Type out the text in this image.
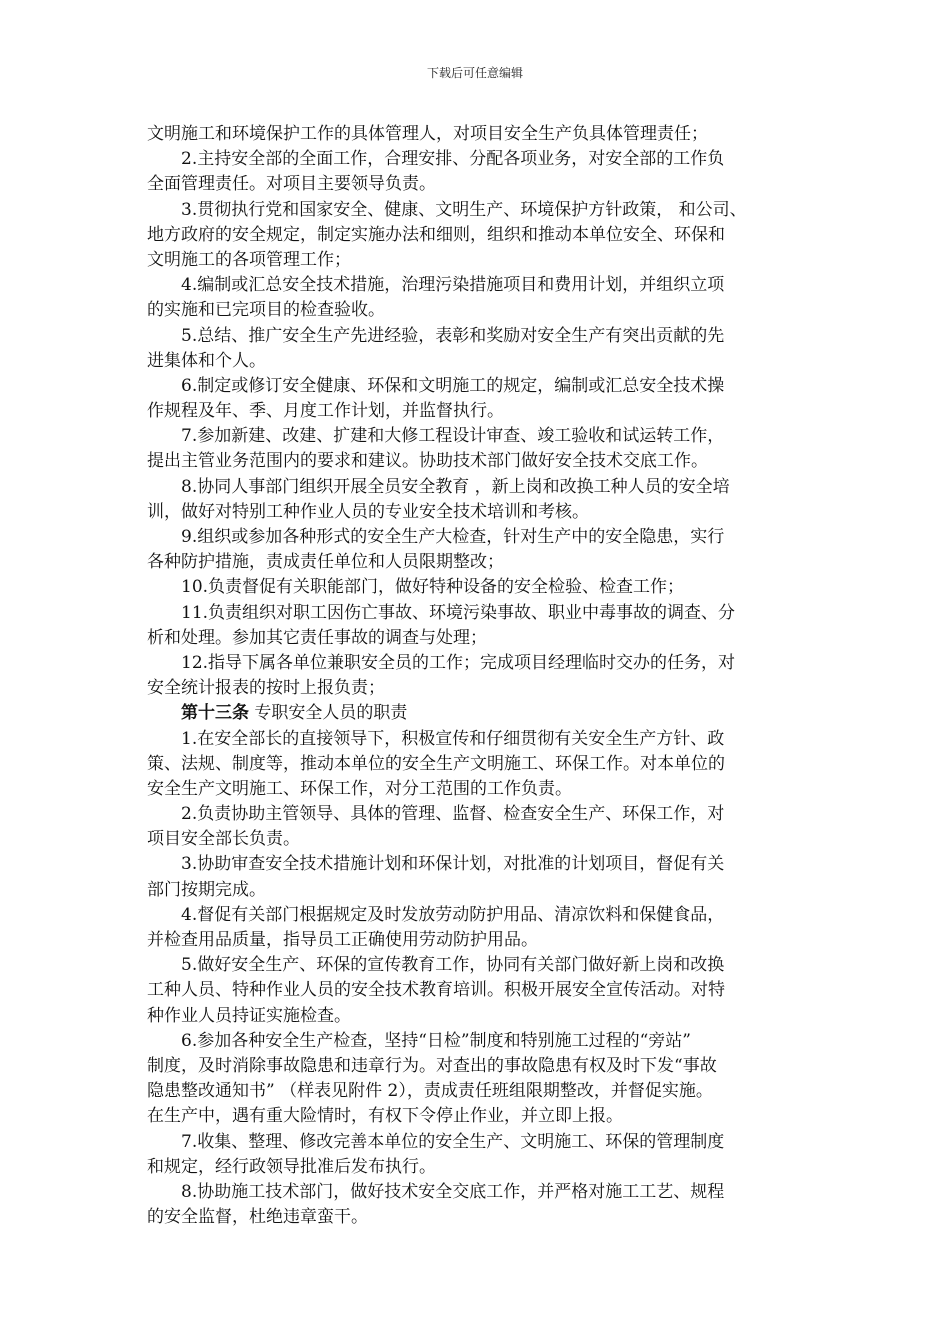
下载后可任意编辑
文明施工和环境保护工作的具体管理人，对项目安全生产负具体管理责任；
2.主持安全部的全面工作，合理安排、分配各项业务，对安全部的工作负
全面管理责任。对项目主要领导负责。
3.贯彻执行党和国家安全、健康、文明生产、环境保护方针政策， 和公司、
地方政府的安全规定，制定实施办法和细则，组织和推动本单位安全、环保和
文明施工的各项管理工作；
4.编制或汇总安全技术措施，治理污染措施项目和费用计划，并组织立项
的实施和已完项目的检查验收。
5.总结、推广安全生产先进经验，表彰和奖励对安全生产有突出贡献的先
进集体和个人。
6.制定或修订安全健康、环保和文明施工的规定，编制或汇总安全技术操
作规程及年、季、月度工作计划，并监督执行。
7.参加新建、改建、扩建和大修工程设计审查、竣工验收和试运转工作，
提出主管业务范围内的要求和建议。协助技术部门做好安全技术交底工作。
8.协同人事部门组织开展全员安全教育 ，新上岗和改换工种人员的安全培
训，做好对特别工种作业人员的专业安全技术培训和考核。
9.组织或参加各种形式的安全生产大检查，针对生产中的安全隐患，实行
各种防护措施，责成责任单位和人员限期整改；
10.负责督促有关职能部门，做好特种设备的安全检验、检查工作；
11.负责组织对职工因伤亡事故、环境污染事故、职业中毒事故的调查、分
析和处理。参加其它责任事故的调查与处理；
12.指导下属各单位兼职安全员的工作；完成项目经理临时交办的任务，对
安全统计报表的按时上报负责；
第十三条 专职安全人员的职责
1.在安全部长的直接领导下，积极宣传和仔细贯彻有关安全生产方针、政
策、法规、制度等，推动本单位的安全生产文明施工、环保工作。对本单位的
安全生产文明施工、环保工作，对分工范围的工作负责。
2.负责协助主管领导、具体的管理、监督、检查安全生产、环保工作，对
项目安全部长负责。
3.协助审查安全技术措施计划和环保计划，对批准的计划项目，督促有关
部门按期完成。
4.督促有关部门根据规定及时发放劳动防护用品、清凉饮料和保健食品，
并检查用品质量，指导员工正确使用劳动防护用品。
5.做好安全生产、环保的宣传教育工作，协同有关部门做好新上岗和改换
工种人员、特种作业人员的安全技术教育培训。积极开展安全宣传活动。对特
种作业人员持证实施检查。
6.参加各种安全生产检查，坚持“日检”制度和特别施工过程的“旁站”
制度，及时消除事故隐患和违章行为。对查出的事故隐患有权及时下发“事故
隐患整改通知书” （样表见附件 2），责成责任班组限期整改，并督促实施。
在生产中，遇有重大险情时，有权下令停止作业，并立即上报。
7.收集、整理、修改完善本单位的安全生产、文明施工、环保的管理制度
和规定，经行政领导批准后发布执行。
8.协助施工技术部门，做好技术安全交底工作，并严格对施工工艺、规程
的安全监督，杜绝违章蛮干。
